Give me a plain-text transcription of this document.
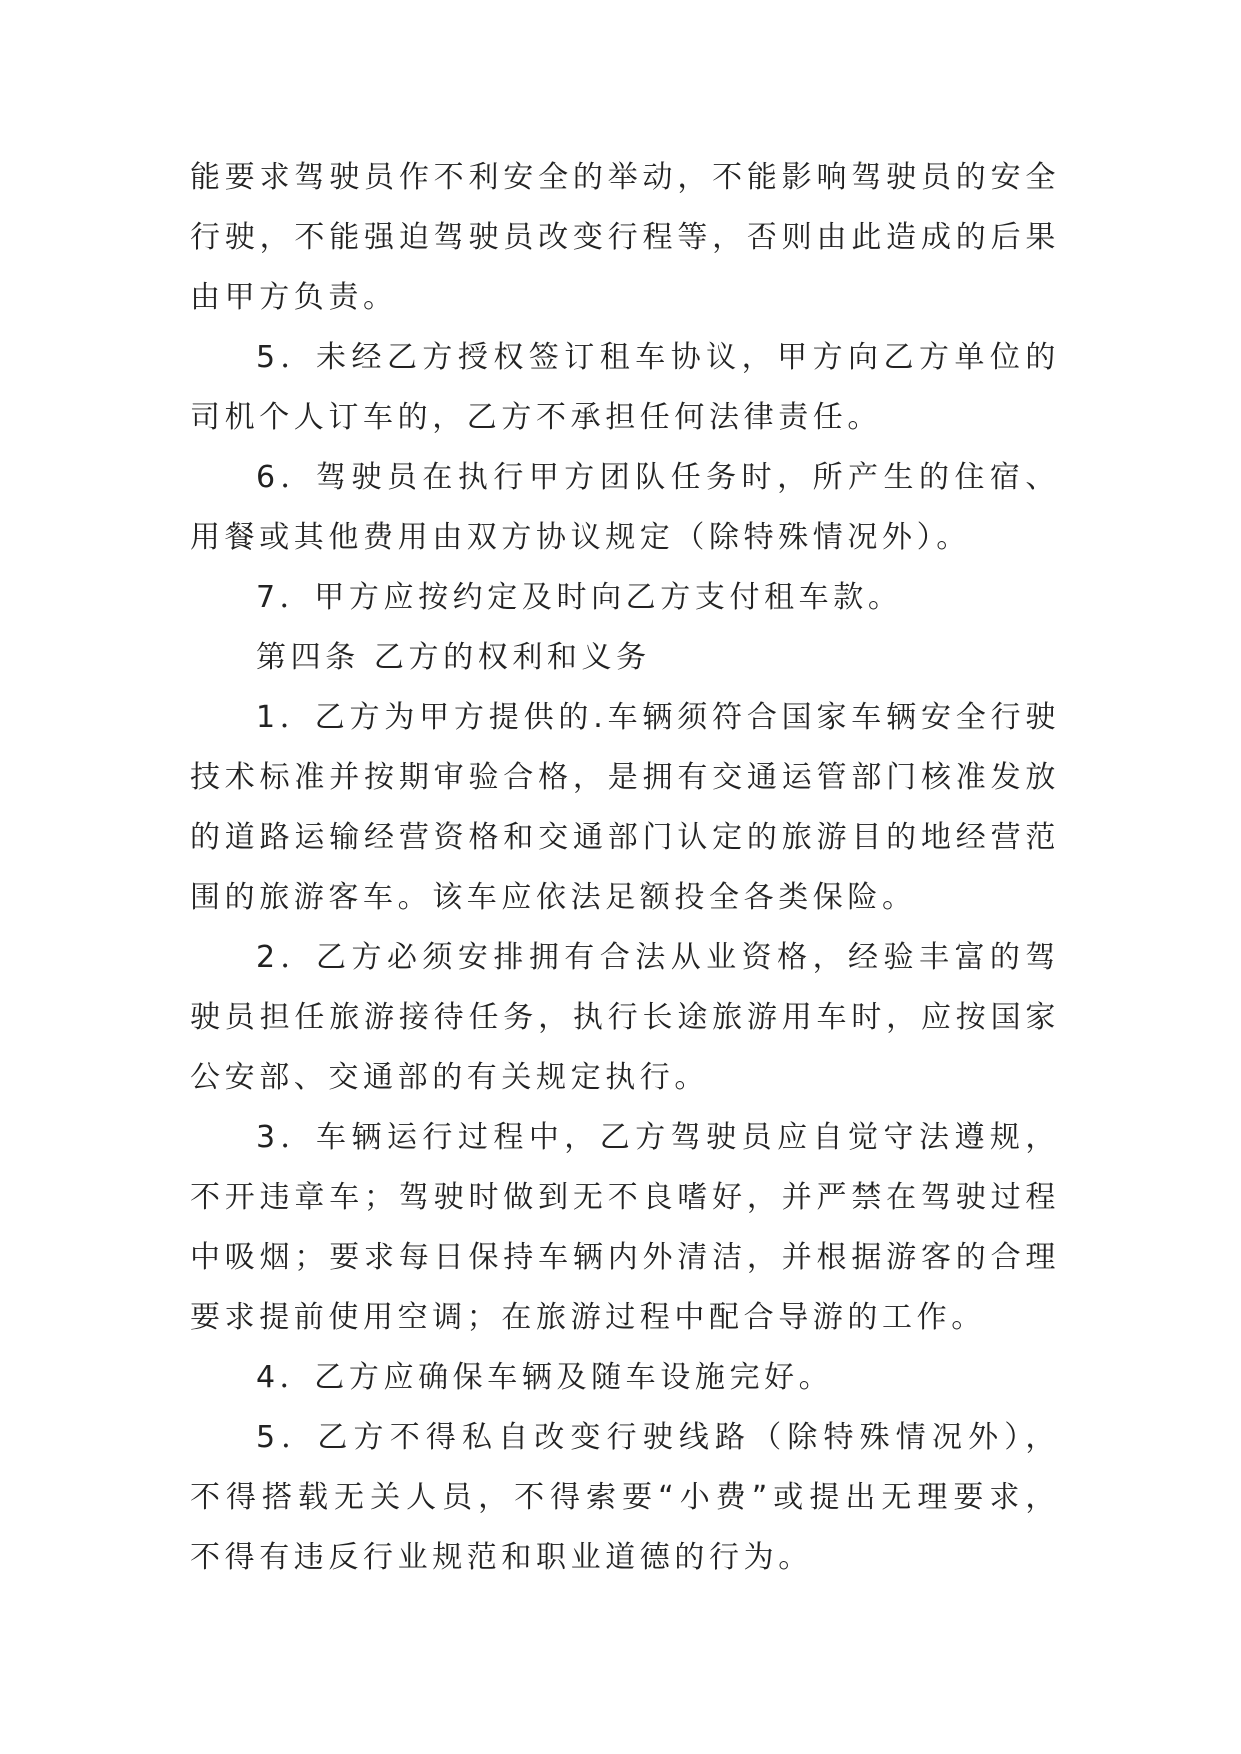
能要求驾驶员作不利安全的举动，不能影响驾驶员的安全行驶，不能强迫驾驶员改变行程等，否则由此造成的后果由甲方负责。

5．未经乙方授权签订租车协议，甲方向乙方单位的司机个人订车的，乙方不承担任何法律责任。

6．驾驶员在执行甲方团队任务时，所产生的住宿、用餐或其他费用由双方协议规定（除特殊情况外）。

7．甲方应按约定及时向乙方支付租车款。

第四条 乙方的权利和义务

1．乙方为甲方提供的.车辆须符合国家车辆安全行驶技术标准并按期审验合格，是拥有交通运管部门核准发放的道路运输经营资格和交通部门认定的旅游目的地经营范围的旅游客车。该车应依法足额投全各类保险。

2．乙方必须安排拥有合法从业资格，经验丰富的驾驶员担任旅游接待任务，执行长途旅游用车时，应按国家公安部、交通部的有关规定执行。

3．车辆运行过程中，乙方驾驶员应自觉守法遵规，不开违章车；驾驶时做到无不良嗜好，并严禁在驾驶过程中吸烟；要求每日保持车辆内外清洁，并根据游客的合理要求提前使用空调；在旅游过程中配合导游的工作。

4．乙方应确保车辆及随车设施完好。

5．乙方不得私自改变行驶线路（除特殊情况外），不得搭载无关人员，不得索要“小费”或提出无理要求，不得有违反行业规范和职业道德的行为。
